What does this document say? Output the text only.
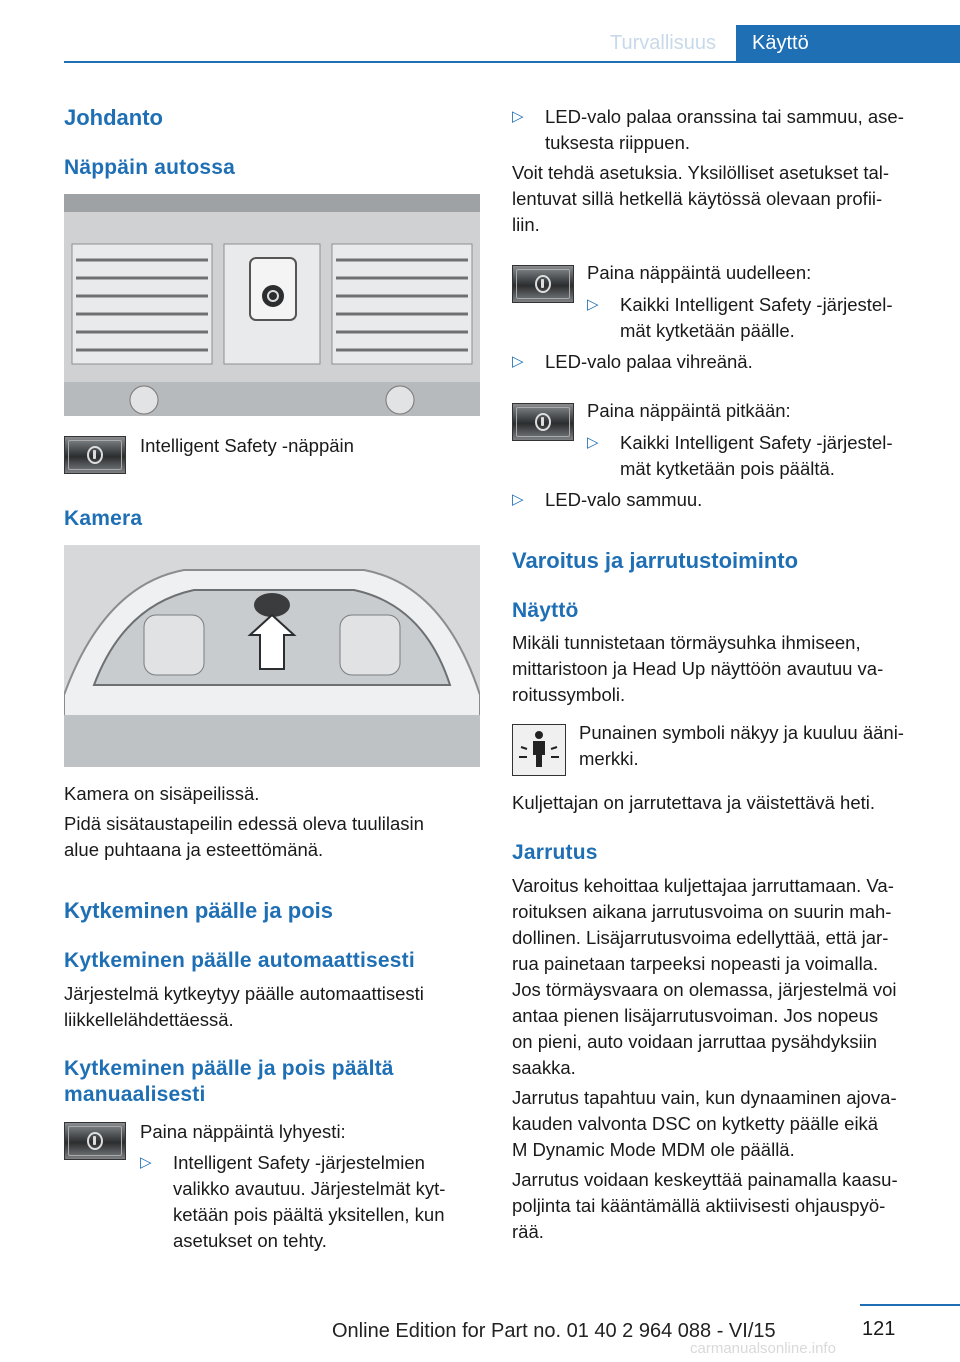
Turvallisuus	Käyttö
Johdanto
Näppäin autossa

Intelligent Safety -näppäin

Kamera

Kamera on sisäpeilissä.

Pidä sisätaustapeilin edessä oleva tuulilasin

alue puhtaana ja esteettömänä.

Kytkeminen päälle ja pois
Kytkeminen päälle automaattisesti

Järjestelmä kytkeytyy päälle automaattisesti

liikkellelähdettäessä.

Kytkeminen päälle ja pois päältä
manuaalisesti

Paina näppäintä lyhyesti:

▷ Intelligent Safety -järjestelmien
valikko avautuu. Järjestelmät kyt‐
ketään pois päältä yksitellen, kun
asetukset on tehty.
▷ LED-valo palaa oranssina tai sammuu, ase‐
tuksesta riippuen.

Voit tehdä asetuksia. Yksilölliset asetukset tal‐

lentuvat sillä hetkellä käytössä olevaan profii‐

liin.

Paina näppäintä uudelleen:

▷ Kaikki Intelligent Safety -järjestel‐
mät kytketään päälle.
▷ LED-valo palaa vihreänä.

Paina näppäintä pitkään:

▷ Kaikki Intelligent Safety -järjestel‐
mät kytketään pois päältä.
▷ LED-valo sammuu.
Varoitus ja jarrutustoiminto
Näyttö

Mikäli tunnistetaan törmäysuhka ihmiseen,

mittaristoon ja Head Up näyttöön avautuu va‐

roitussymboli.

Punainen symboli näkyy ja kuuluu ääni‐

merkki.

Kuljettajan on jarrutettava ja väistettävä heti.

Jarrutus

Varoitus kehoittaa kuljettajaa jarruttamaan. Va‐

roituksen aikana jarrutusvoima on suurin mah‐

dollinen. Lisäjarrutusvoima edellyttää, että jar‐

rua painetaan tarpeeksi nopeasti ja voimalla.

Jos törmäysvaara on olemassa, järjestelmä voi

antaa pienen lisäjarrutusvoiman. Jos nopeus

on pieni, auto voidaan jarruttaa pysähdyksiin

saakka.

Jarrutus tapahtuu vain, kun dynaaminen ajova‐

kauden valvonta DSC on kytketty päälle eikä

M Dynamic Mode MDM ole päällä.

Jarrutus voidaan keskeyttää painamalla kaasu‐

poljinta tai kääntämällä aktiivisesti ohjauspyö‐

rää.

121
Online Edition for Part no. 01 40 2 964 088 - VI/15
carmanualsonline.info
